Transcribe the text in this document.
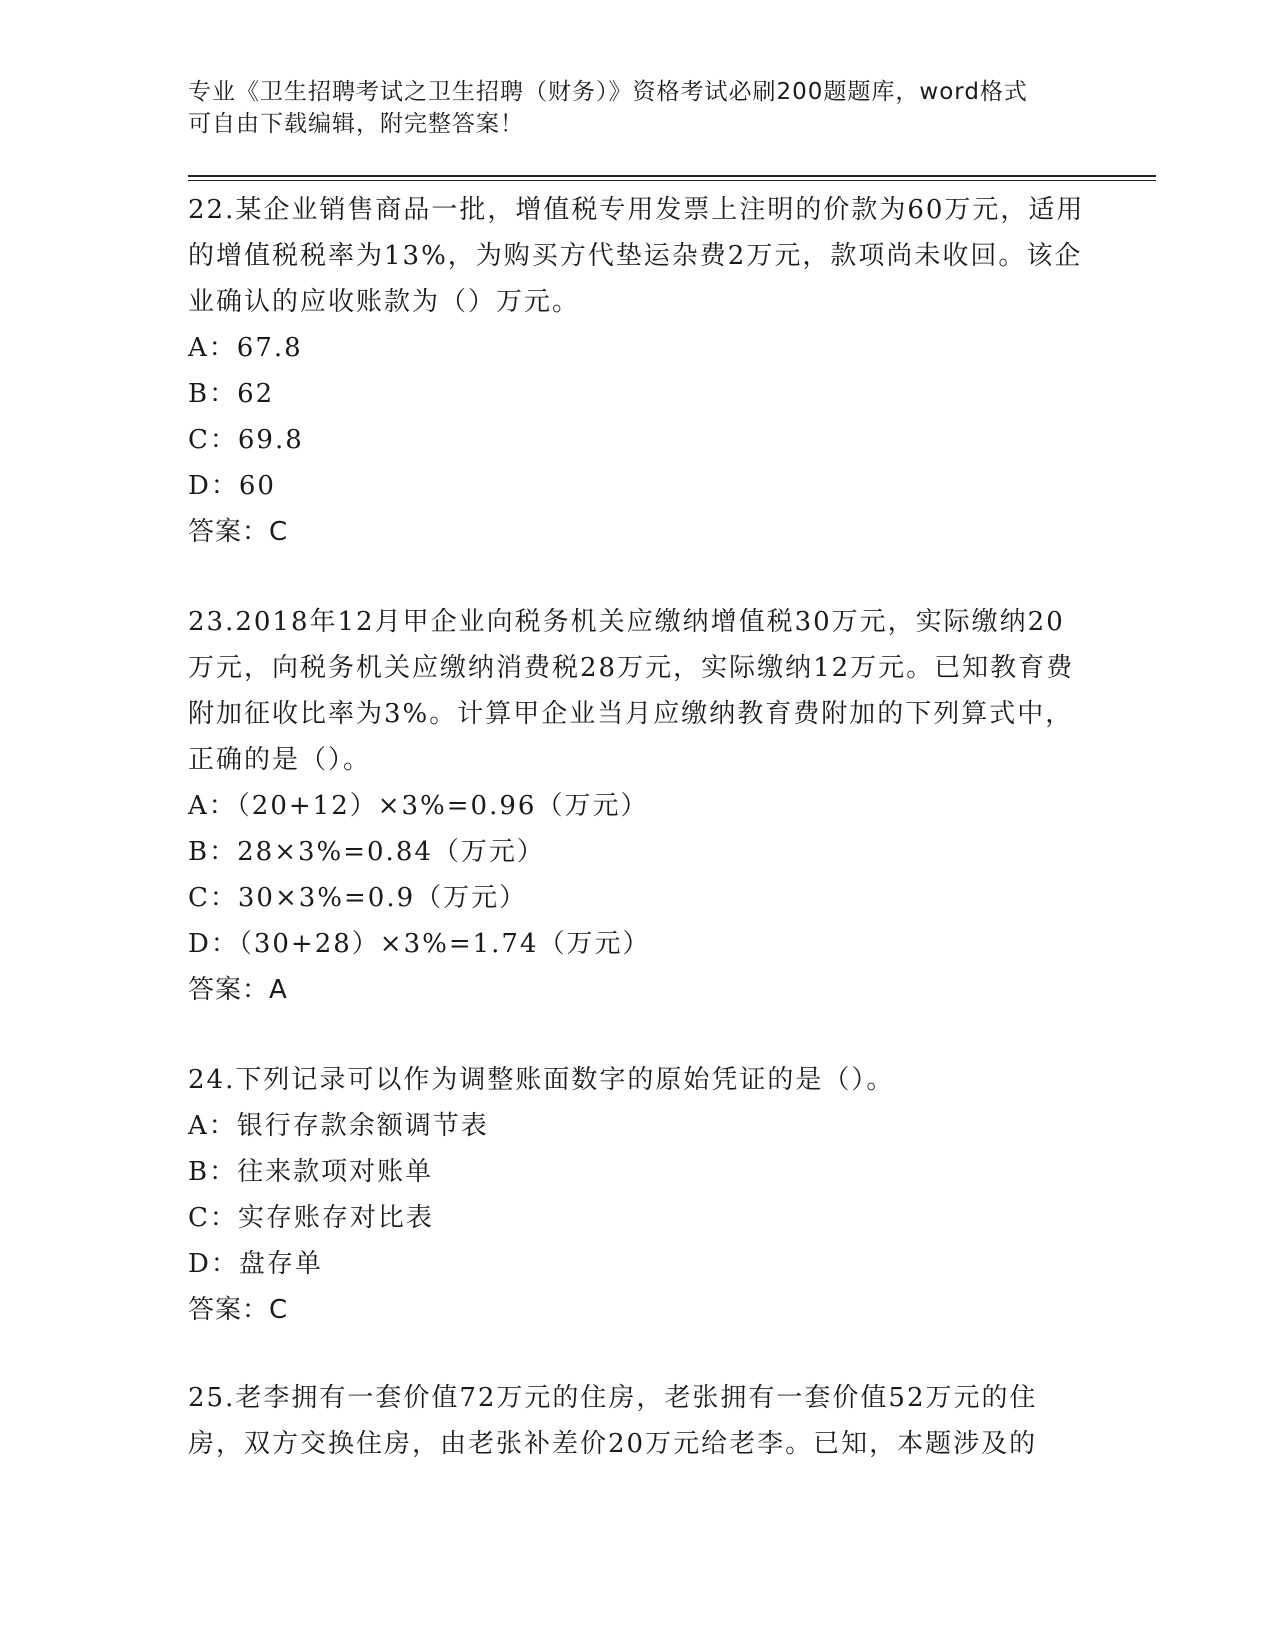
专业《卫生招聘考试之卫生招聘（财务）》资格考试必刷200题题库，word格式
可自由下载编辑，附完整答案！

22.某企业销售商品一批，增值税专用发票上注明的价款为60万元，适用的增值税税率为13%，为购买方代垫运杂费2万元，款项尚未收回。该企业确认的应收账款为（）万元。

A：67.8
B：62
C：69.8
D：60
答案：C

23.2018年12月甲企业向税务机关应缴纳增值税30万元，实际缴纳20万元，向税务机关应缴纳消费税28万元，实际缴纳12万元。已知教育费附加征收比率为3%。计算甲企业当月应缴纳教育费附加的下列算式中，正确的是（）。

A：（20+12）×3%=0.96（万元）
B：28×3%=0.84（万元）
C：30×3%=0.9（万元）
D：（30+28）×3%=1.74（万元）
答案：A

24.下列记录可以作为调整账面数字的原始凭证的是（）。

A：银行存款余额调节表
B：往来款项对账单
C：实存账存对比表
D：盘存单
答案：C

25.老李拥有一套价值72万元的住房，老张拥有一套价值52万元的住房，双方交换住房，由老张补差价20万元给老李。已知，本题涉及的
